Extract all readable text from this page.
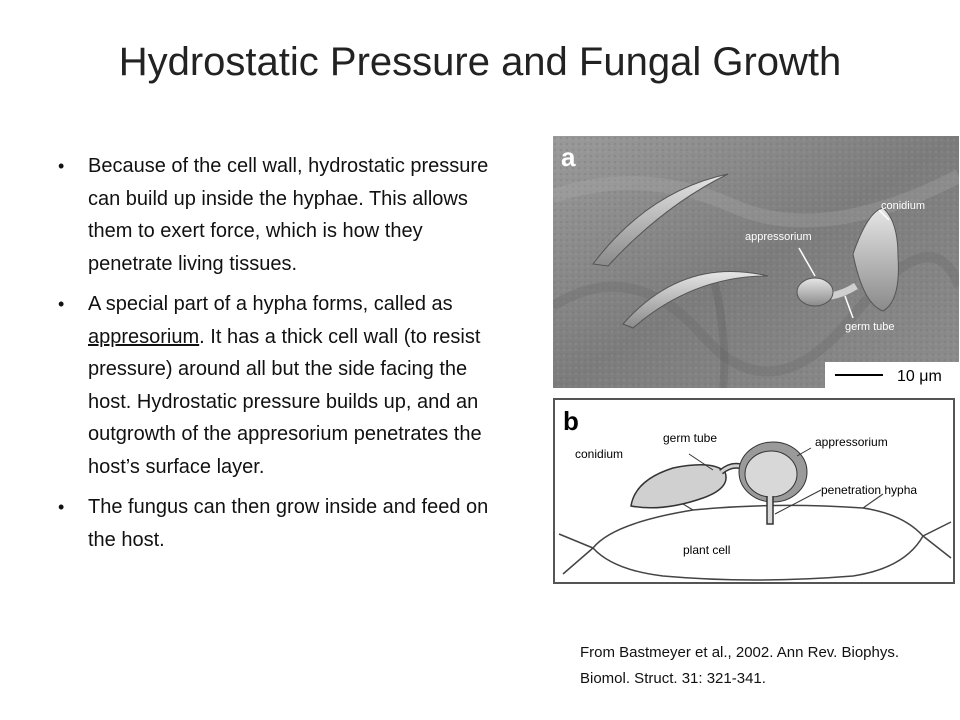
Hydrostatic Pressure and Fungal Growth
• Because of the cell wall, hydrostatic pressure can build up inside the hyphae. This allows them to exert force, which is how they penetrate living tissues.
• A special part of a hypha forms, called as appresorium. It has a thick cell wall (to resist pressure) around all but the side facing the host. Hydrostatic pressure builds up, and an outgrowth of the appresorium penetrates the host’s surface layer.
• The fungus can then grow inside and feed on the host.
a
conidium
appressorium
germ tube
10 μm
b
germ tube	appressorium
conidium
penetration hypha
plant cell
From Bastmeyer et al., 2002. Ann Rev. Biophys. Biomol. Struct. 31: 321-341.
